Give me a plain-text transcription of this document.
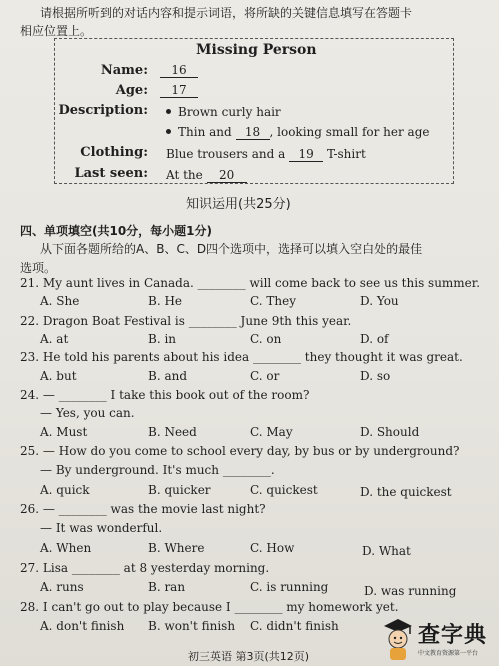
请根据所听到的对话内容和提示词语，将所缺的关键信息填写在答题卡
相应位置上。
Missing Person
Name:	16
Age:	17
Description:	Brown curly hair
Thin and 18 , looking small for her age
Clothing: Blue trousers and a 19 T-shirt
Last seen: At the 20
知识运用(共25分)
四、单项填空(共10分，每小题1分)
从下面各题所给的A、B、C、D四个选项中，选择可以填入空白处的最佳
选项。
21. My aunt lives in Canada. ________ will come back to see us this summer.
A. She	B. He	C. They	D. You
22. Dragon Boat Festival is ________ June 9th this year.
A. at	B. in	C. on	D. of
23. He told his parents about his idea ________ they thought it was great.
A. but	B. and	C. or	D. so
24. — ________ I take this book out of the room?
— Yes, you can.
A. Must	B. Need	C. May	D. Should
25. — How do you come to school every day, by bus or by underground?
— By underground. It's much ________.
A. quick	B. quicker	C. quickest	D. the quickest
26. — ________ was the movie last night?
— It was wonderful.
A. When	B. Where	C. How	D. What
27. Lisa ________ at 8 yesterday morning.
A. runs	B. ran	C. is running	D. was running
28. I can't go out to play because I ________ my homework yet.
A. don't finish B. won't finish C. didn't finish
初三英语 第3页(共12页)
查字典
中文教育资源第一平台
